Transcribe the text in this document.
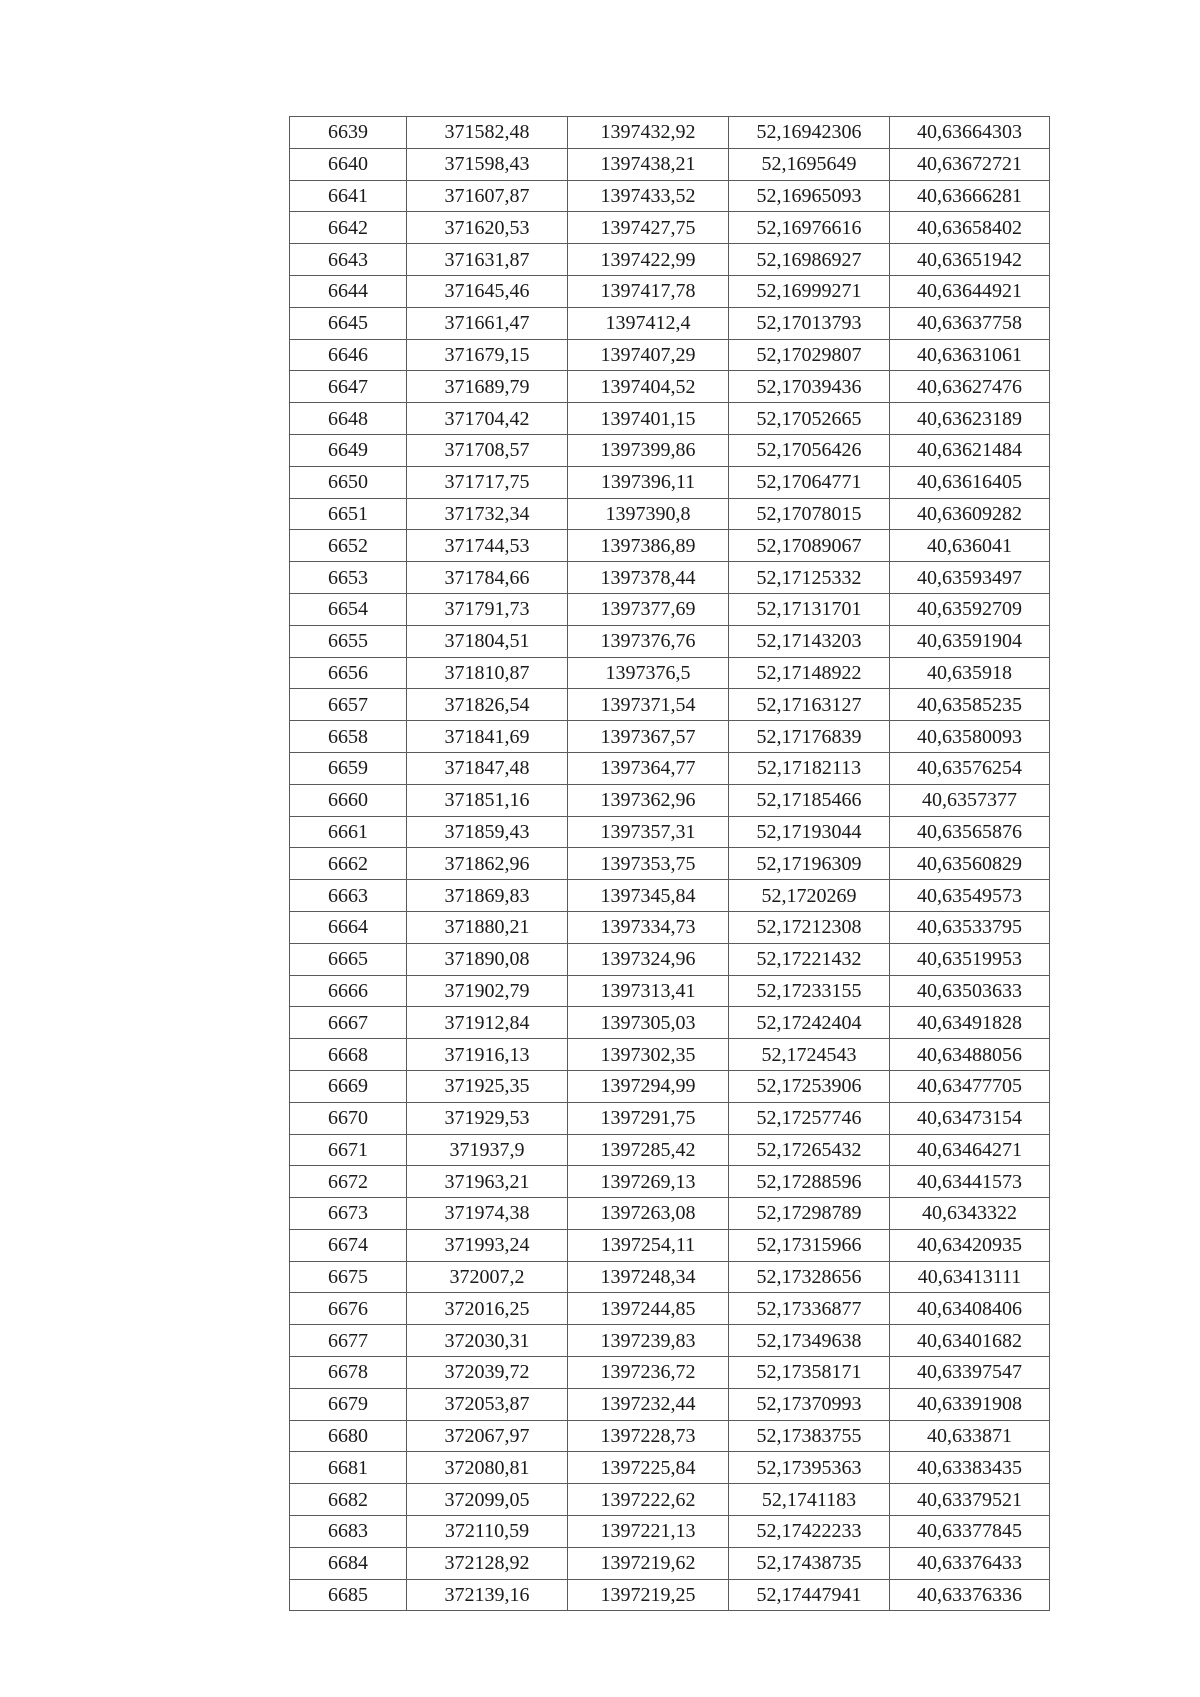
6639	371582,48	1397432,92	52,16942306	40,63664303
6640	371598,43	1397438,21	52,1695649	40,63672721
6641	371607,87	1397433,52	52,16965093	40,63666281
6642	371620,53	1397427,75	52,16976616	40,63658402
6643	371631,87	1397422,99	52,16986927	40,63651942
6644	371645,46	1397417,78	52,16999271	40,63644921
6645	371661,47	1397412,4	52,17013793	40,63637758
6646	371679,15	1397407,29	52,17029807	40,63631061
6647	371689,79	1397404,52	52,17039436	40,63627476
6648	371704,42	1397401,15	52,17052665	40,63623189
6649	371708,57	1397399,86	52,17056426	40,63621484
6650	371717,75	1397396,11	52,17064771	40,63616405
6651	371732,34	1397390,8	52,17078015	40,63609282
6652	371744,53	1397386,89	52,17089067	40,636041
6653	371784,66	1397378,44	52,17125332	40,63593497
6654	371791,73	1397377,69	52,17131701	40,63592709
6655	371804,51	1397376,76	52,17143203	40,63591904
6656	371810,87	1397376,5	52,17148922	40,635918
6657	371826,54	1397371,54	52,17163127	40,63585235
6658	371841,69	1397367,57	52,17176839	40,63580093
6659	371847,48	1397364,77	52,17182113	40,63576254
6660	371851,16	1397362,96	52,17185466	40,6357377
6661	371859,43	1397357,31	52,17193044	40,63565876
6662	371862,96	1397353,75	52,17196309	40,63560829
6663	371869,83	1397345,84	52,1720269	40,63549573
6664	371880,21	1397334,73	52,17212308	40,63533795
6665	371890,08	1397324,96	52,17221432	40,63519953
6666	371902,79	1397313,41	52,17233155	40,63503633
6667	371912,84	1397305,03	52,17242404	40,63491828
6668	371916,13	1397302,35	52,1724543	40,63488056
6669	371925,35	1397294,99	52,17253906	40,63477705
6670	371929,53	1397291,75	52,17257746	40,63473154
6671	371937,9	1397285,42	52,17265432	40,63464271
6672	371963,21	1397269,13	52,17288596	40,63441573
6673	371974,38	1397263,08	52,17298789	40,6343322
6674	371993,24	1397254,11	52,17315966	40,63420935
6675	372007,2	1397248,34	52,17328656	40,63413111
6676	372016,25	1397244,85	52,17336877	40,63408406
6677	372030,31	1397239,83	52,17349638	40,63401682
6678	372039,72	1397236,72	52,17358171	40,63397547
6679	372053,87	1397232,44	52,17370993	40,63391908
6680	372067,97	1397228,73	52,17383755	40,633871
6681	372080,81	1397225,84	52,17395363	40,63383435
6682	372099,05	1397222,62	52,1741183	40,63379521
6683	372110,59	1397221,13	52,17422233	40,63377845
6684	372128,92	1397219,62	52,17438735	40,63376433
6685	372139,16	1397219,25	52,17447941	40,63376336
